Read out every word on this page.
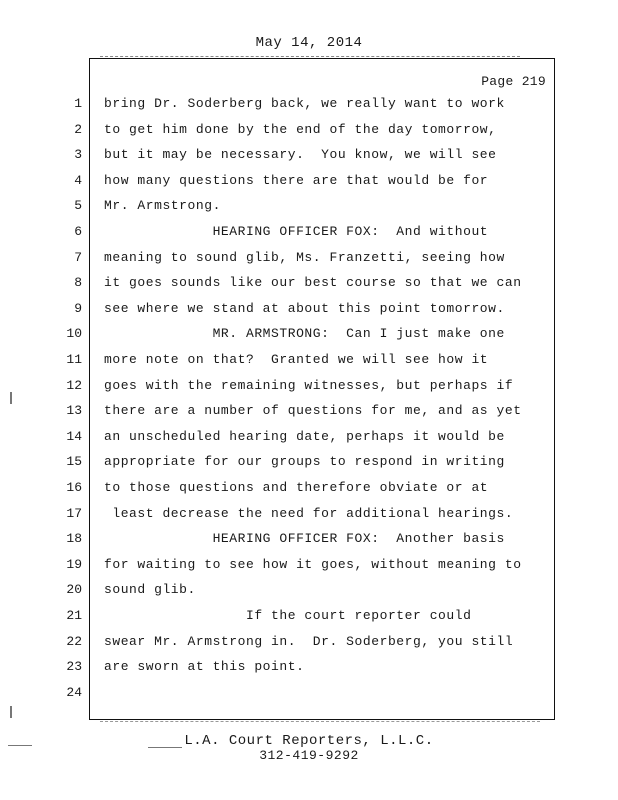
May 14, 2014
Page 219
1 bring Dr. Soderberg back, we really want to work
2 to get him done by the end of the day tomorrow,
3 but it may be necessary.  You know, we will see
4 how many questions there are that would be for
5 Mr. Armstrong.
6 HEARING OFFICER FOX:  And without
7 meaning to sound glib, Ms. Franzetti, seeing how
8 it goes sounds like our best course so that we can
9 see where we stand at about this point tomorrow.
10 MR. ARMSTRONG:  Can I just make one
11 more note on that?  Granted we will see how it
12 goes with the remaining witnesses, but perhaps if
13 there are a number of questions for me, and as yet
14 an unscheduled hearing date, perhaps it would be
15 appropriate for our groups to respond in writing
16 to those questions and therefore obviate or at
17 least decrease the need for additional hearings.
18 HEARING OFFICER FOX:  Another basis
19 for waiting to see how it goes, without meaning to
20 sound glib.
21 If the court reporter could
22 swear Mr. Armstrong in.  Dr. Soderberg, you still
23 are sworn at this point.
24
L.A. Court Reporters, L.L.C.
312-419-9292
